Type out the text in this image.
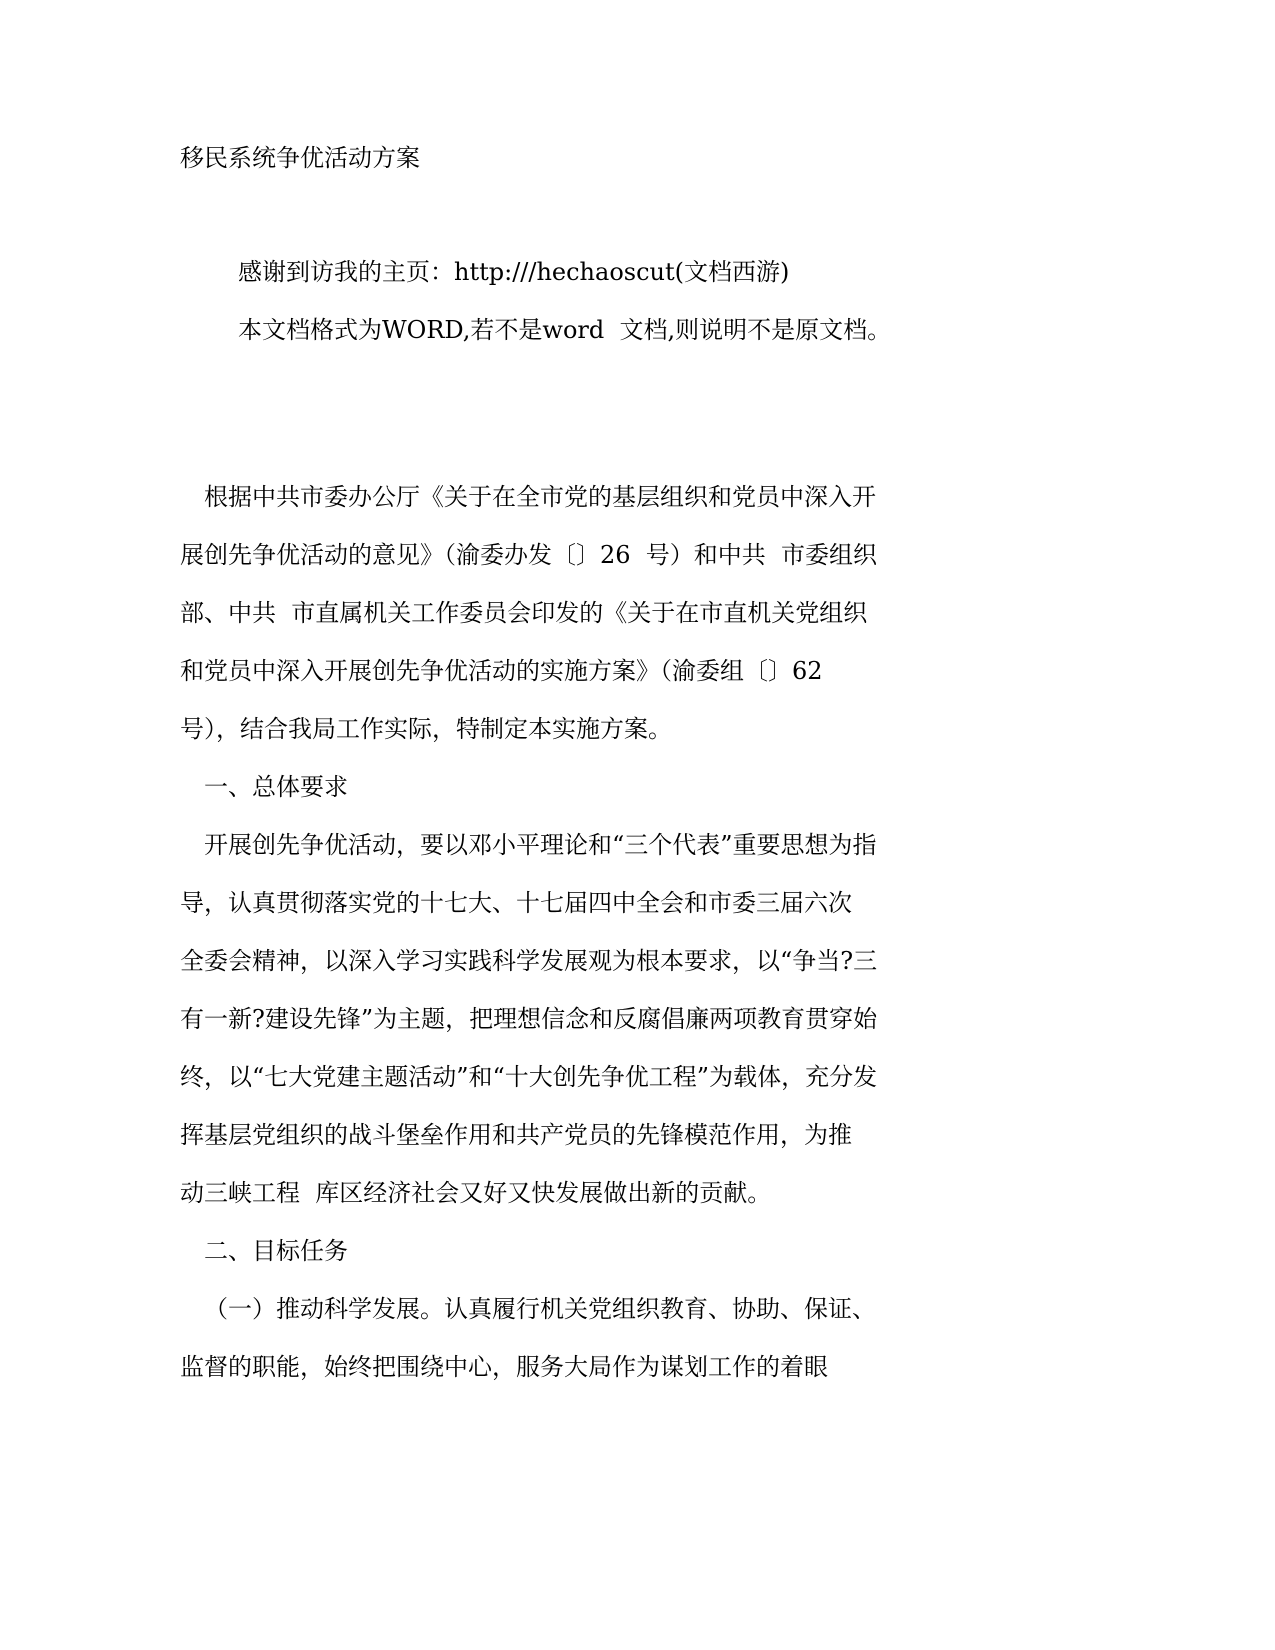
移民系统争优活动方案
感谢到访我的主页：http:///hechaoscut(文档西游)
本文档格式为WORD,若不是word  文档,则说明不是原文档。
根据中共市委办公厅《关于在全市党的基层组织和党员中深入开
展创先争优活动的意见》（渝委办发〔〕26  号）和中共  市委组织
部、中共  市直属机关工作委员会印发的《关于在市直机关党组织
和党员中深入开展创先争优活动的实施方案》（渝委组〔〕62
号），结合我局工作实际，特制定本实施方案。
一、总体要求
开展创先争优活动，要以邓小平理论和“三个代表”重要思想为指
导，认真贯彻落实党的十七大、十七届四中全会和市委三届六次
全委会精神，以深入学习实践科学发展观为根本要求，以“争当?三
有一新?建设先锋”为主题，把理想信念和反腐倡廉两项教育贯穿始
终，以“七大党建主题活动”和“十大创先争优工程”为载体，充分发
挥基层党组织的战斗堡垒作用和共产党员的先锋模范作用，为推
动三峡工程  库区经济社会又好又快发展做出新的贡献。
二、目标任务
（一）推动科学发展。认真履行机关党组织教育、协助、保证、
监督的职能，始终把围绕中心，服务大局作为谋划工作的着眼
